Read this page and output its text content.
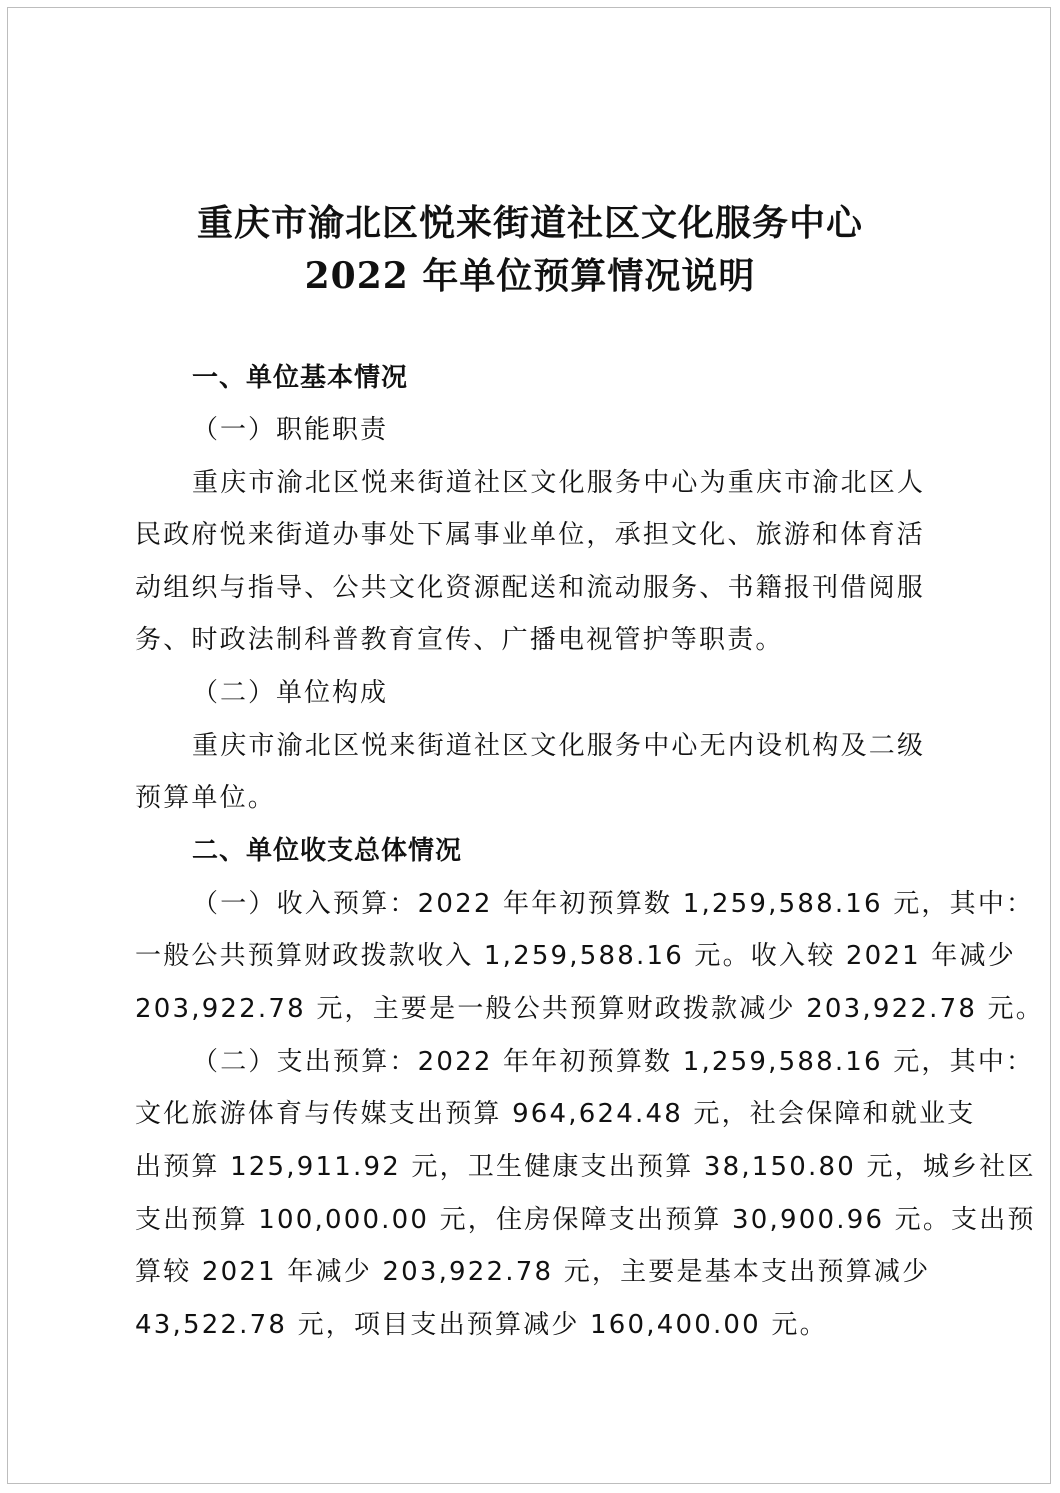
重庆市渝北区悦来街道社区文化服务中心
2022 年单位预算情况说明
一、单位基本情况
（一）职能职责
重庆市渝北区悦来街道社区文化服务中心为重庆市渝北区人
民政府悦来街道办事处下属事业单位，承担文化、旅游和体育活
动组织与指导、公共文化资源配送和流动服务、书籍报刊借阅服
务、时政法制科普教育宣传、广播电视管护等职责。
（二）单位构成
重庆市渝北区悦来街道社区文化服务中心无内设机构及二级
预算单位。
二、单位收支总体情况
（一）收入预算：2022 年年初预算数 1,259,588.16 元，其中：
一般公共预算财政拨款收入 1,259,588.16 元。收入较 2021 年减少
203,922.78 元，主要是一般公共预算财政拨款减少 203,922.78 元。
（二）支出预算：2022 年年初预算数 1,259,588.16 元，其中：
文化旅游体育与传媒支出预算 964,624.48 元，社会保障和就业支
出预算 125,911.92 元，卫生健康支出预算 38,150.80 元，城乡社区
支出预算 100,000.00 元，住房保障支出预算 30,900.96 元。支出预
算较 2021 年减少 203,922.78 元，主要是基本支出预算减少
43,522.78 元，项目支出预算减少 160,400.00 元。
